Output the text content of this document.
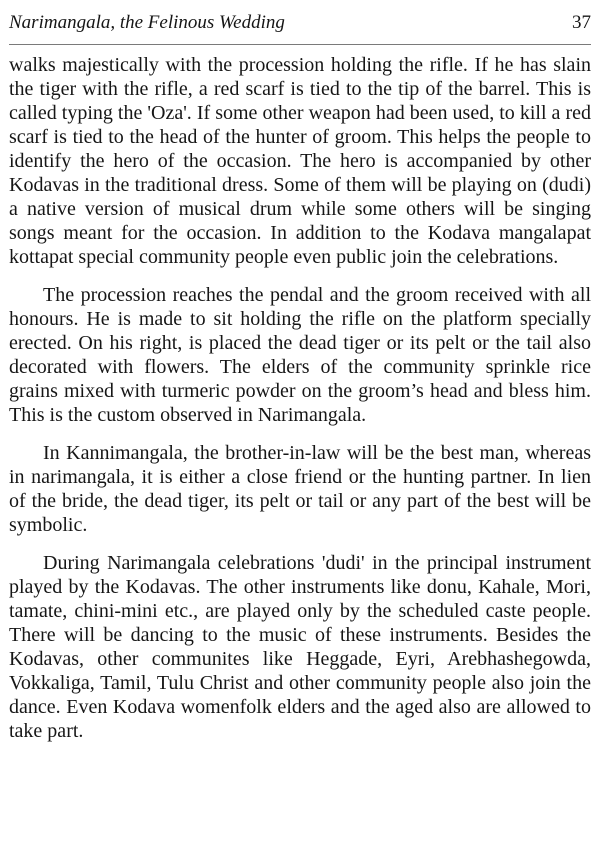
Narimangala, the Felinous Wedding	37

walks majestically with the procession holding the rifle. If he has slain the tiger with the rifle, a red scarf is tied to the tip of the barrel. This is called typing the 'Oza'. If some other weapon had been used, to kill a red scarf is tied to the head of the hunter of groom. This helps the people to identify the hero of the occasion. The hero is accompanied by other Kodavas in the traditional dress. Some of them will be playing on (dudi) a native version of musical drum while some others will be singing songs meant for the occasion. In addition to the Kodava mangalapat kottapat special community people even public join the celebrations.

The procession reaches the pendal and the groom received with all honours. He is made to sit holding the rifle on the platform specially erected. On his right, is placed the dead tiger or its pelt or the tail also decorated with flowers. The elders of the community sprinkle rice grains mixed with turmeric powder on the groom’s head and bless him. This is the custom observed in Narimangala.

In Kannimangala, the brother-in-law will be the best man, whereas in narimangala, it is either a close friend or the hunting partner. In lien of the bride, the dead tiger, its pelt or tail or any part of the best will be symbolic.

During Narimangala celebrations 'dudi' in the principal instrument played by the Kodavas. The other instruments like donu, Kahale, Mori, tamate, chini-mini etc., are played only by the scheduled caste people. There will be dancing to the music of these instruments. Besides the Kodavas, other communites like Heggade, Eyri, Arebhashegowda, Vokkaliga, Tamil, Tulu Christ and other community people also join the dance. Even Kodava womenfolk elders and the aged also are allowed to take part.
